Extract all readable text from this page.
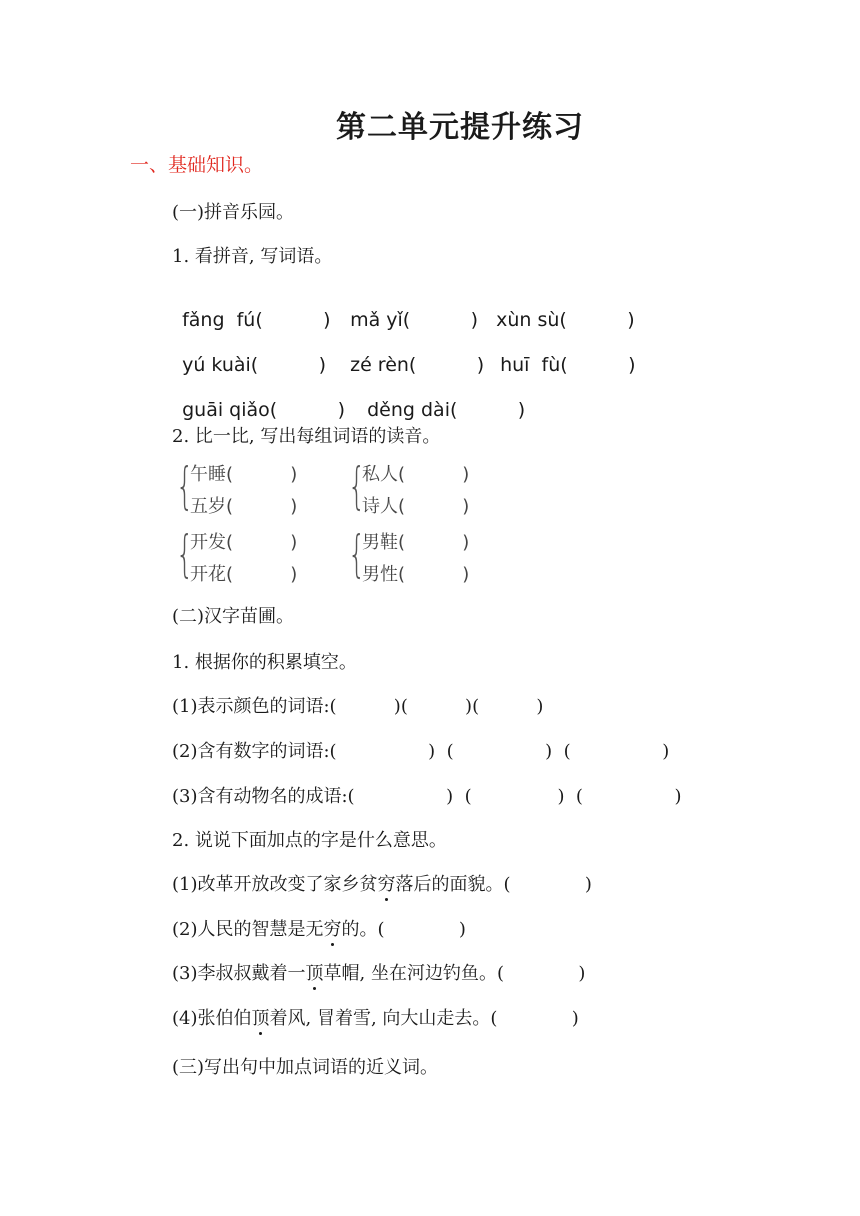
第二单元提升练习
一、基础知识。
(一)拼音乐园。
1. 看拼音, 写词语。

fǎng  fú(          ) mǎ yǐ(          ) xùn sù(          )

yú kuài(          ) zé rèn(          ) huī  fù(          )

guāi qiǎo(          ) děng dài(          )

2. 比一比, 写出每组词语的读音。
{
午睡(          )
五岁(          ) {
私人(          )
诗人(          )
{
开发(          )
开花(          ) {
男鞋(          )
男性(          )
(二)汉字苗圃。
1. 根据你的积累填空。
(1)表示颜色的词语:(          )(          )(          )
(2)含有数字的词语:(                )  (                )  (                )
(3)含有动物名的成语:(                )  (               )  (                )
2. 说说下面加点的字是什么意思。
(1)改革开放改变了家乡贫穷落后的面貌。(             )
(2)人民的智慧是无穷的。(             )
(3)李叔叔戴着一顶草帽, 坐在河边钓鱼。(             )
(4)张伯伯顶着风, 冒着雪, 向大山走去。(             )
(三)写出句中加点词语的近义词。
